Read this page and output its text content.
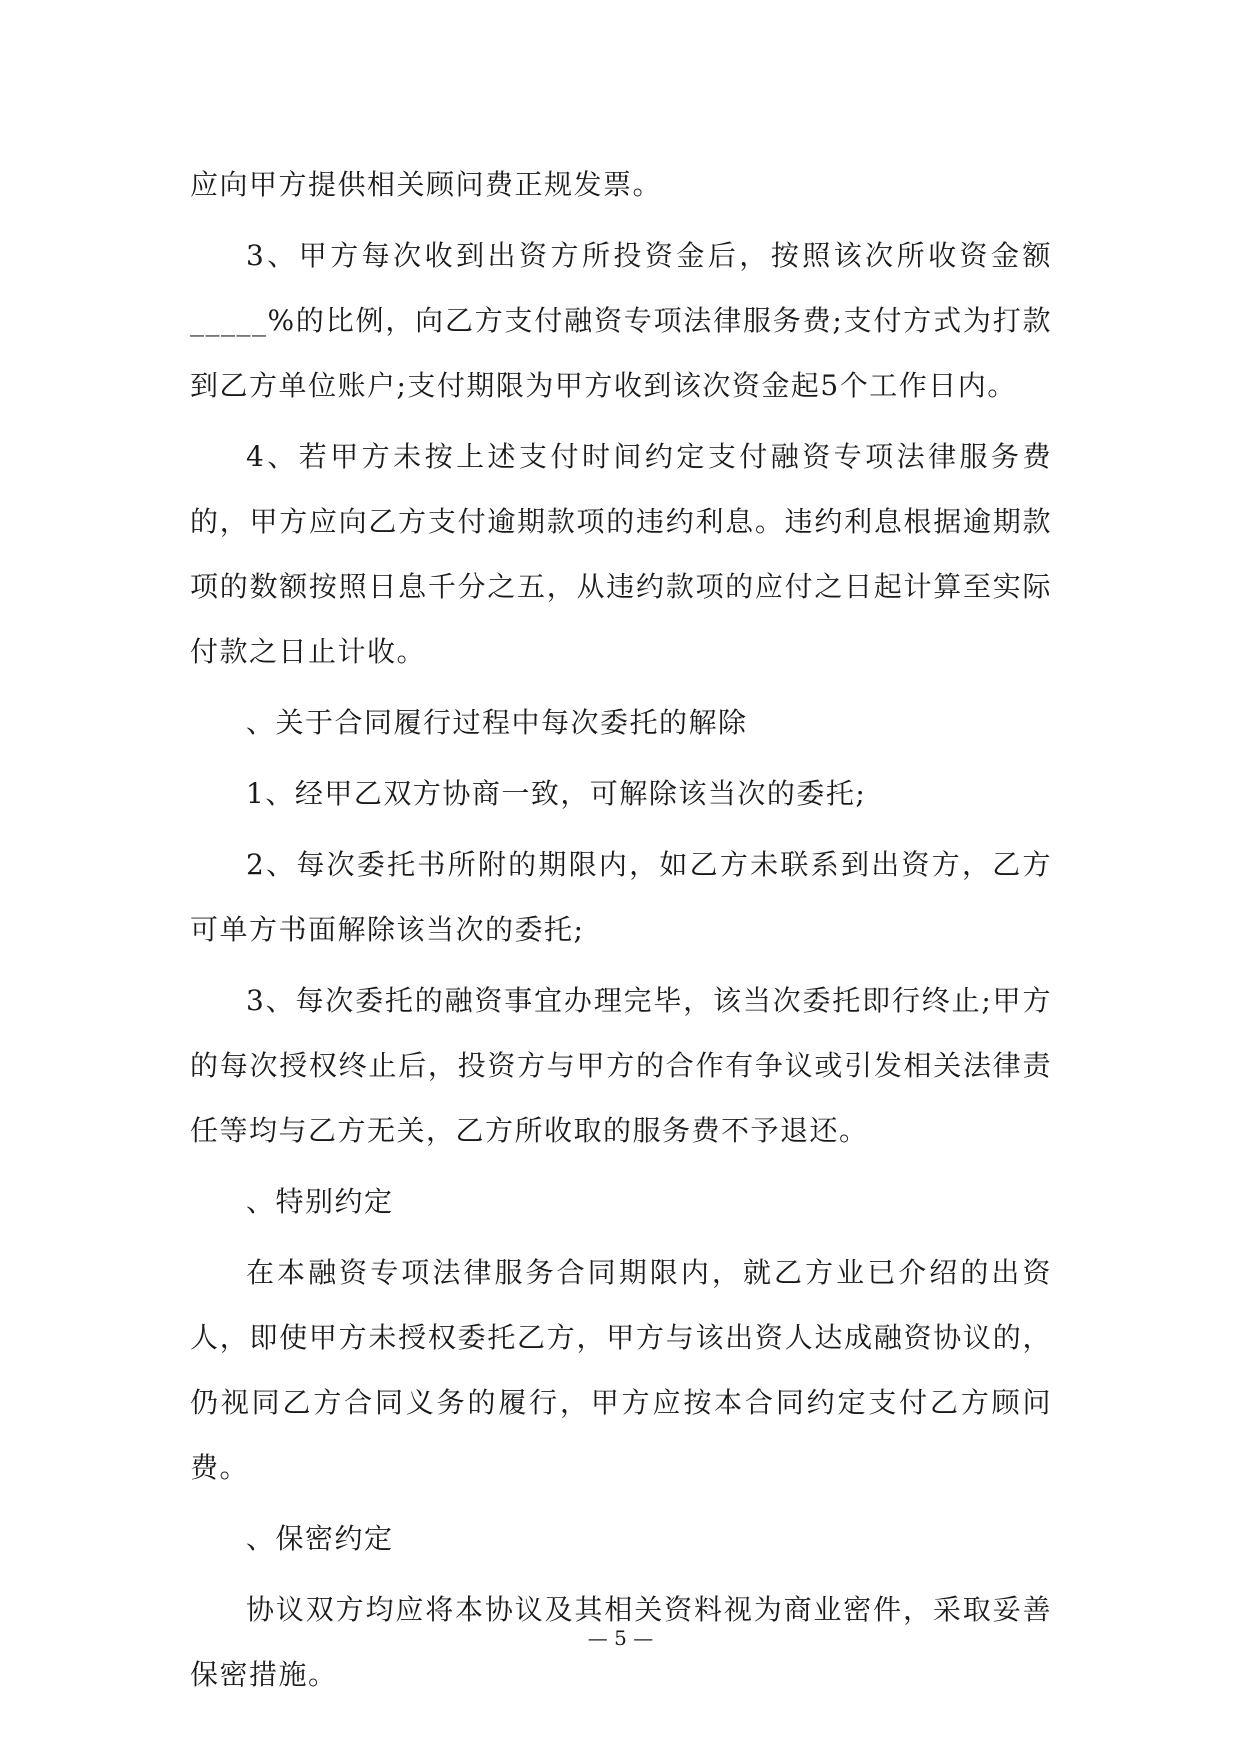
应向甲方提供相关顾问费正规发票。

3、甲方每次收到出资方所投资金后，按照该次所收资金额_____%的比例，向乙方支付融资专项法律服务费;支付方式为打款到乙方单位账户;支付期限为甲方收到该次资金起5个工作日内。

4、若甲方未按上述支付时间约定支付融资专项法律服务费的，甲方应向乙方支付逾期款项的违约利息。违约利息根据逾期款项的数额按照日息千分之五，从违约款项的应付之日起计算至实际付款之日止计收。

、关于合同履行过程中每次委托的解除

1、经甲乙双方协商一致，可解除该当次的委托;

2、每次委托书所附的期限内，如乙方未联系到出资方，乙方可单方书面解除该当次的委托;

3、每次委托的融资事宜办理完毕，该当次委托即行终止;甲方的每次授权终止后，投资方与甲方的合作有争议或引发相关法律责任等均与乙方无关，乙方所收取的服务费不予退还。

、特别约定

在本融资专项法律服务合同期限内，就乙方业已介绍的出资人，即使甲方未授权委托乙方，甲方与该出资人达成融资协议的，仍视同乙方合同义务的履行，甲方应按本合同约定支付乙方顾问费。

、保密约定

协议双方均应将本协议及其相关资料视为商业密件，采取妥善保密措施。

— 5 —
